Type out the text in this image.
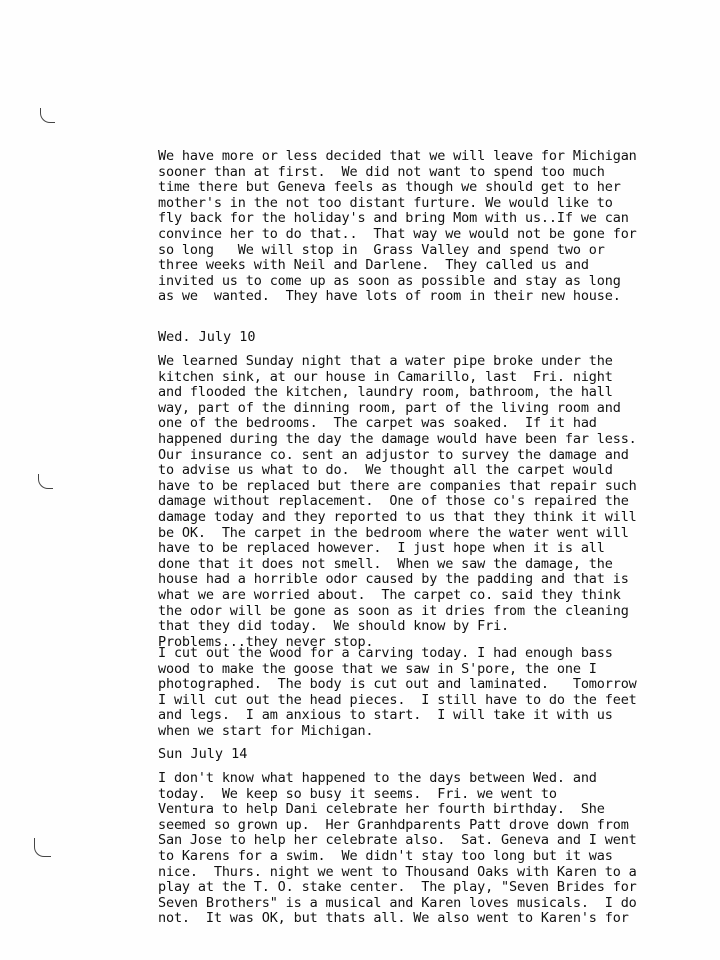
We have more or less decided that we will leave for Michigan
sooner than at first.  We did not want to spend too much
time there but Geneva feels as though we should get to her
mother's in the not too distant furture. We would like to
fly back for the holiday's and bring Mom with us..If we can
convince her to do that..  That way we would not be gone for
so long   We will stop in  Grass Valley and spend two or
three weeks with Neil and Darlene.  They called us and
invited us to come up as soon as possible and stay as long
as we  wanted.  They have lots of room in their new house.

Wed. July 10

We learned Sunday night that a water pipe broke under the
kitchen sink, at our house in Camarillo, last  Fri. night
and flooded the kitchen, laundry room, bathroom, the hall
way, part of the dinning room, part of the living room and
one of the bedrooms.  The carpet was soaked.  If it had
happened during the day the damage would have been far less.
Our insurance co. sent an adjustor to survey the damage and
to advise us what to do.  We thought all the carpet would
have to be replaced but there are companies that repair such
damage without replacement.  One of those co's repaired the
damage today and they reported to us that they think it will
be OK.  The carpet in the bedroom where the water went will
have to be replaced however.  I just hope when it is all
done that it does not smell.  When we saw the damage, the
house had a horrible odor caused by the padding and that is
what we are worried about.  The carpet co. said they think
the odor will be gone as soon as it dries from the cleaning
that they did today.  We should know by Fri.
Problems...they never stop.

I cut out the wood for a carving today. I had enough bass
wood to make the goose that we saw in S'pore, the one I
photographed.  The body is cut out and laminated.   Tomorrow
I will cut out the head pieces.  I still have to do the feet
and legs.  I am anxious to start.  I will take it with us
when we start for Michigan.

Sun July 14

I don't know what happened to the days between Wed. and
today.  We keep so busy it seems.  Fri. we went to
Ventura to help Dani celebrate her fourth birthday.  She
seemed so grown up.  Her Granhdparents Patt drove down from
San Jose to help her celebrate also.  Sat. Geneva and I went
to Karens for a swim.  We didn't stay too long but it was
nice.  Thurs. night we went to Thousand Oaks with Karen to a
play at the T. O. stake center.  The play, "Seven Brides for
Seven Brothers" is a musical and Karen loves musicals.  I do
not.  It was OK, but thats all. We also went to Karen's for
